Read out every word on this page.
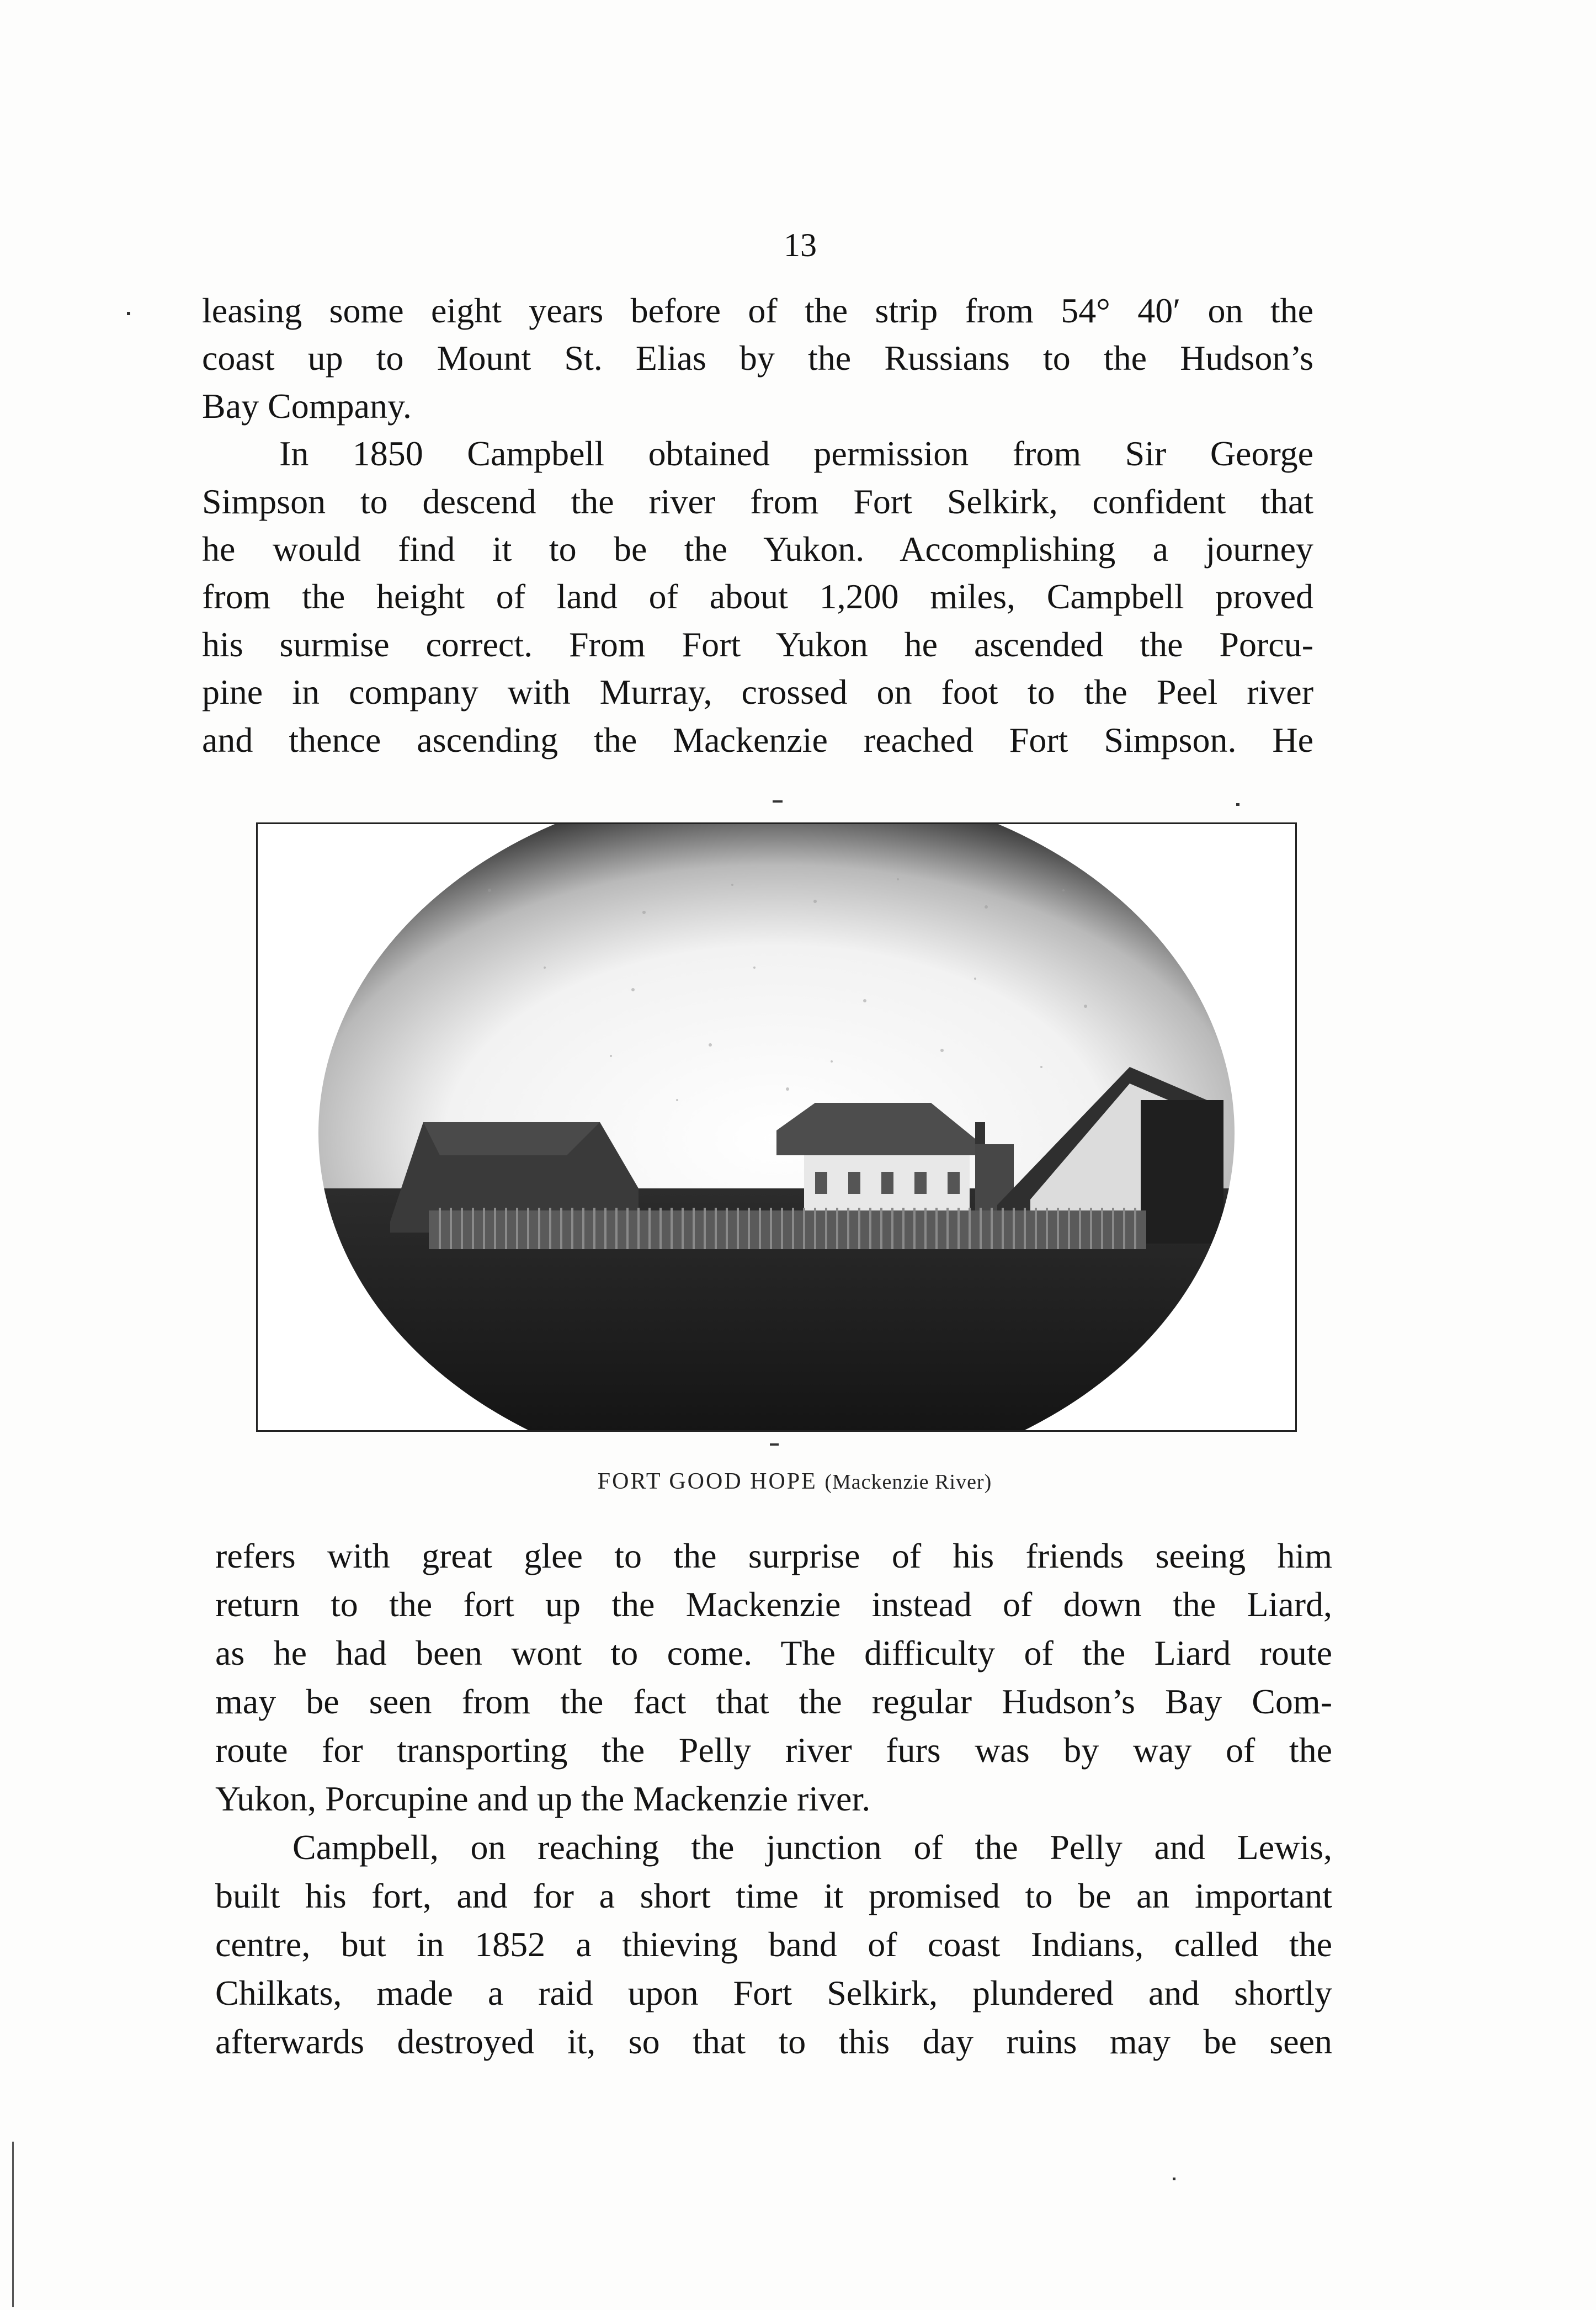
13
leasing some eight years before of the strip from 54° 40′ on the
coast up to Mount St. Elias by the Russians to the Hudson’s
Bay Company.
In 1850 Campbell obtained permission from Sir George
Simpson to descend the river from Fort Selkirk, confident that
he would find it to be the Yukon. Accomplishing a journey
from the height of land of about 1,200 miles, Campbell proved
his surmise correct. From Fort Yukon he ascended the Porcu-
pine in company with Murray, crossed on foot to the Peel river
and thence ascending the Mackenzie reached Fort Simpson. He
FORT GOOD HOPE (Mackenzie River)
refers with great glee to the surprise of his friends seeing him
return to the fort up the Mackenzie instead of down the Liard,
as he had been wont to come. The difficulty of the Liard route
may be seen from the fact that the regular Hudson’s Bay Com-
route for transporting the Pelly river furs was by way of the
Yukon, Porcupine and up the Mackenzie river.
Campbell, on reaching the junction of the Pelly and Lewis,
built his fort, and for a short time it promised to be an important
centre, but in 1852 a thieving band of coast Indians, called the
Chilkats, made a raid upon Fort Selkirk, plundered and shortly
afterwards destroyed it, so that to this day ruins may be seen
